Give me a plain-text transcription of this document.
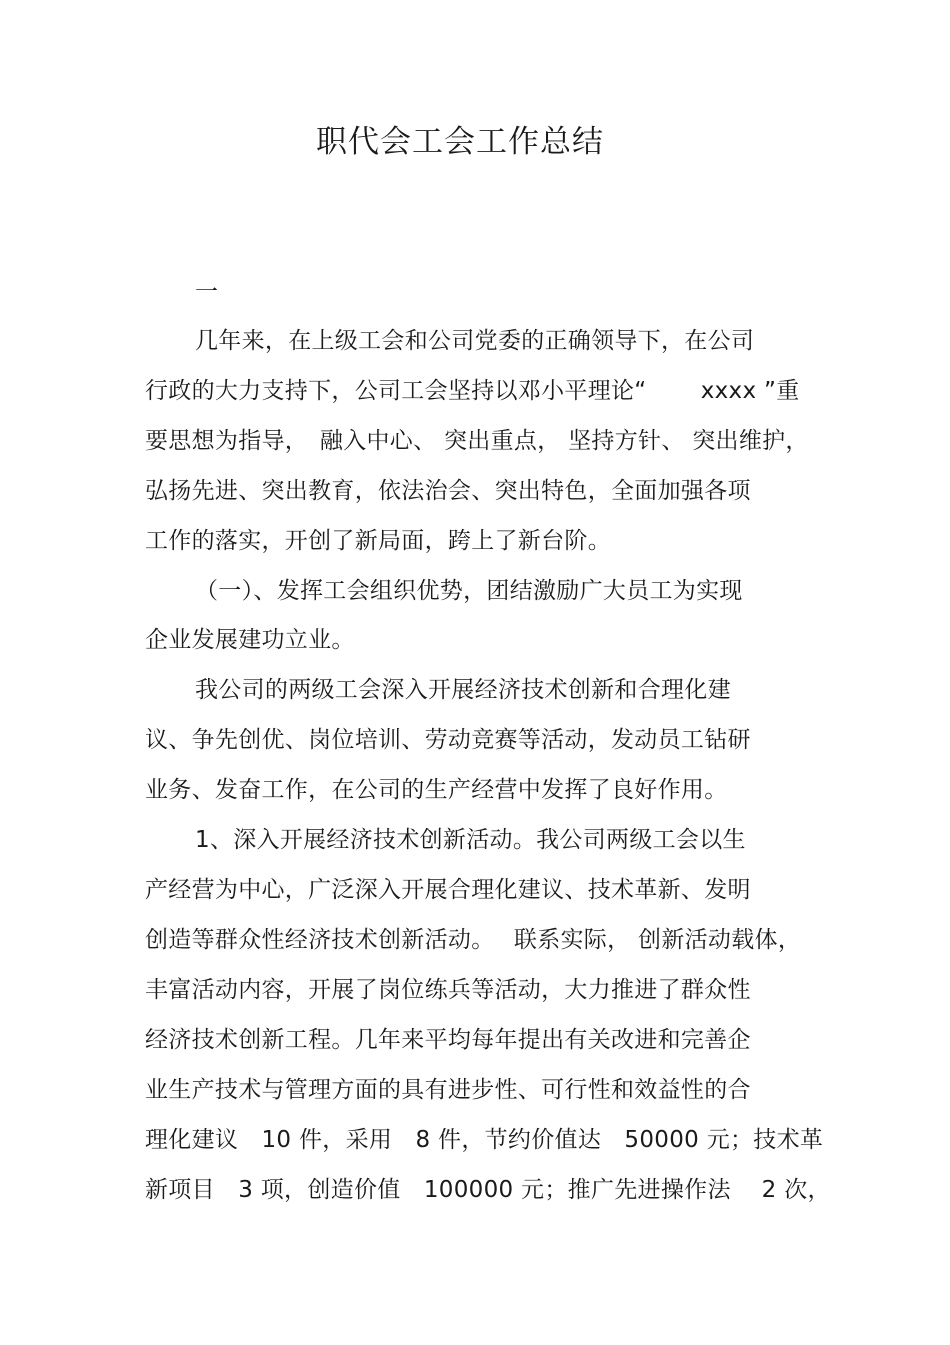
职代会工会工作总结
一
几年来，在上级工会和公司党委的正确领导下，在公司
行政的大力支持下，公司工会坚持以邓小平理论“　　 xxxx ”重
要思想为指导，　融入中心、 突出重点， 坚持方针、 突出维护，
弘扬先进、突出教育，依法治会、突出特色，全面加强各项
工作的落实，开创了新局面，跨上了新台阶。
（一）、发挥工会组织优势，团结激励广大员工为实现
企业发展建功立业。
我公司的两级工会深入开展经济技术创新和合理化建
议、争先创优、岗位培训、劳动竞赛等活动，发动员工钻研
业务、发奋工作，在公司的生产经营中发挥了良好作用。
1、深入开展经济技术创新活动。我公司两级工会以生
产经营为中心，广泛深入开展合理化建议、技术革新、发明
创造等群众性经济技术创新活动。　 联系实际， 创新活动载体，
丰富活动内容，开展了岗位练兵等活动，大力推进了群众性
经济技术创新工程。几年来平均每年提出有关改进和完善企
业生产技术与管理方面的具有进步性、可行性和效益性的合
理化建议　10 件，采用　8 件，节约价值达　50000 元；技术革
新项目　3 项，创造价值　100000 元；推广先进操作法　 2 次，
